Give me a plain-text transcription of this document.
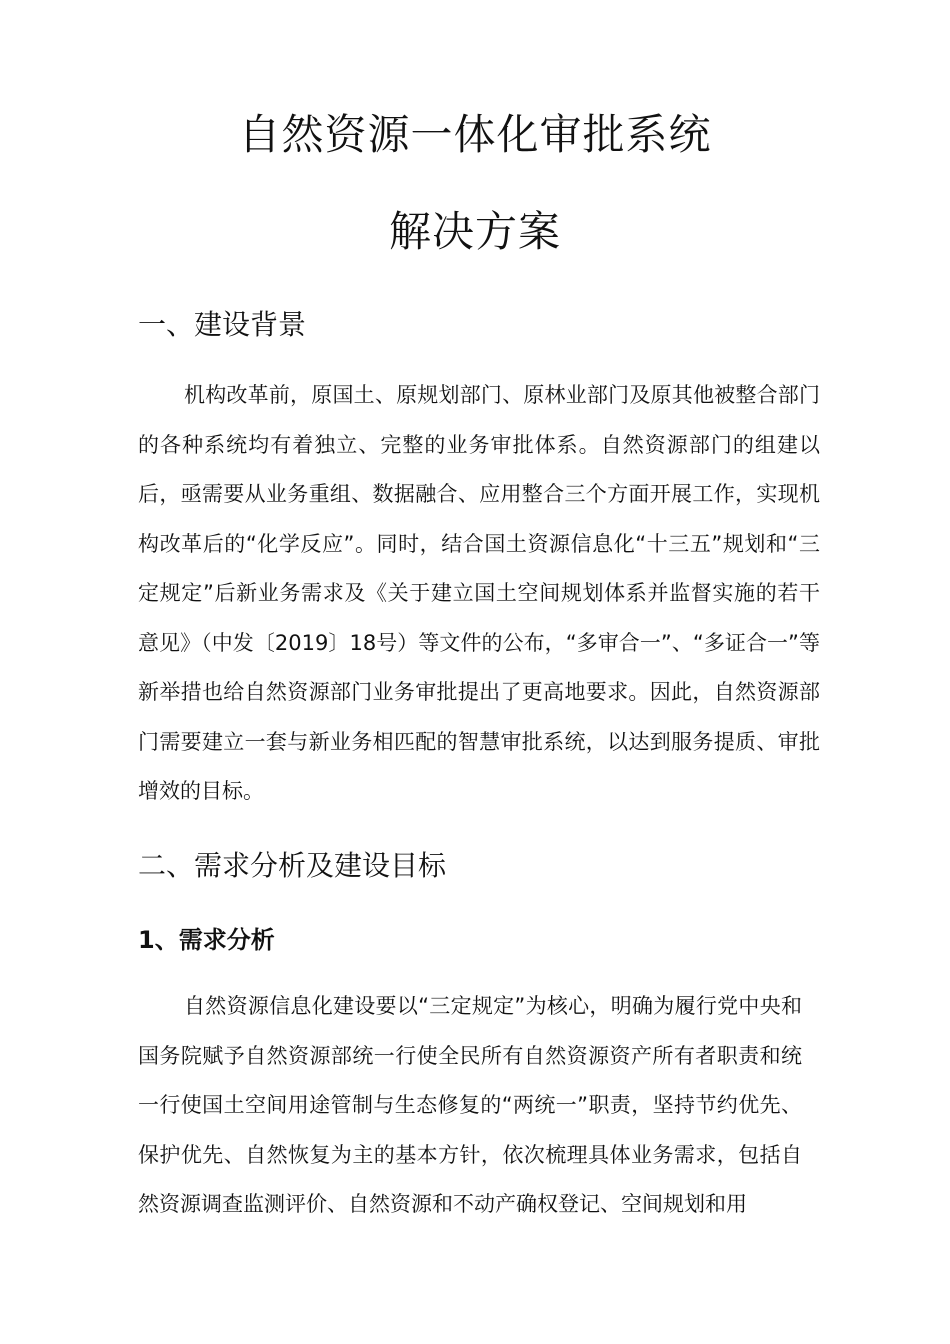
自然资源一体化审批系统
解决方案
一、建设背景

机构改革前，原国土、原规划部门、原林业部门及原其他被整合部门的各种系统均有着独立、完整的业务审批体系。自然资源部门的组建以后，亟需要从业务重组、数据融合、应用整合三个方面开展工作，实现机构改革后的“化学反应”。同时，结合国土资源信息化“十三五”规划和“三定规定”后新业务需求及《关于建立国土空间规划体系并监督实施的若干意见》（中发〔2019〕18号）等文件的公布，“多审合一”、“多证合一”等新举措也给自然资源部门业务审批提出了更高地要求。因此，自然资源部门需要建立一套与新业务相匹配的智慧审批系统，以达到服务提质、审批增效的目标。

二、需求分析及建设目标
1、需求分析

自然资源信息化建设要以“三定规定”为核心，明确为履行党中央和国务院赋予自然资源部统一行使全民所有自然资源资产所有者职责和统一行使国土空间用途管制与生态修复的“两统一”职责，坚持节约优先、保护优先、自然恢复为主的基本方针，依次梳理具体业务需求，包括自然资源调查监测评价、自然资源和不动产确权登记、空间规划和用
